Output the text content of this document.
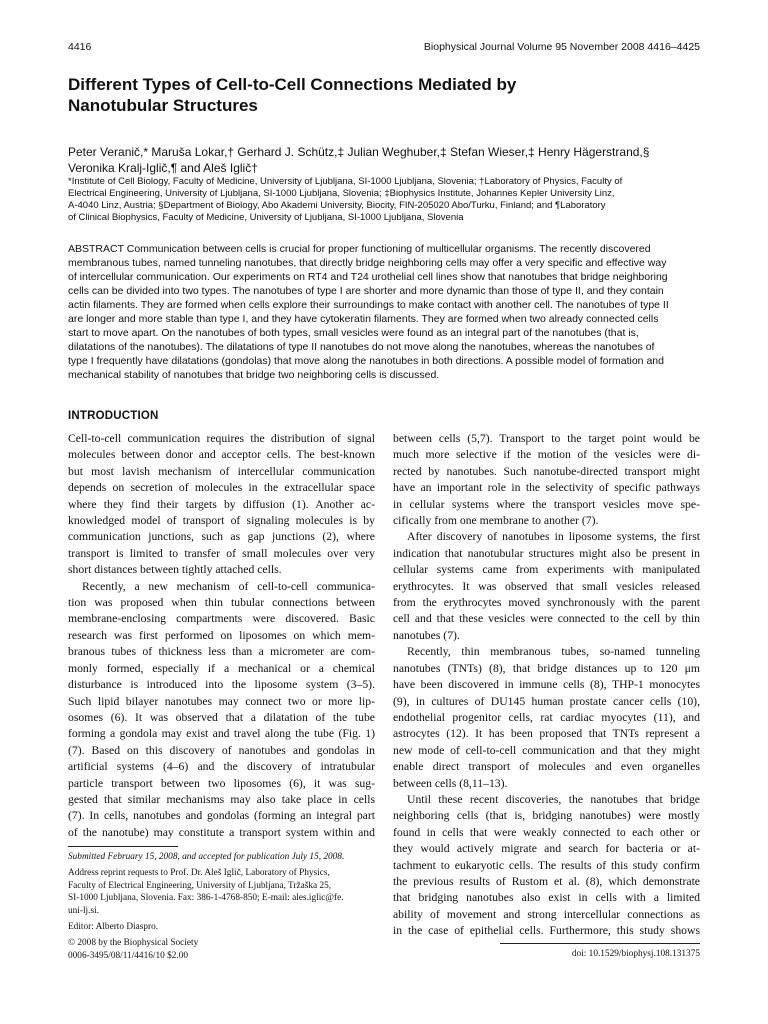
4416	Biophysical Journal Volume 95 November 2008 4416–4425
Different Types of Cell-to-Cell Connections Mediated by
Nanotubular Structures
Peter Veranič,* Maruša Lokar,† Gerhard J. Schütz,‡ Julian Weghuber,‡ Stefan Wieser,‡ Henry Hägerstrand,§
Veronika Kralj-Iglič,¶ and Aleš Iglič†
*Institute of Cell Biology, Faculty of Medicine, University of Ljubljana, SI-1000 Ljubljana, Slovenia; †Laboratory of Physics, Faculty of
Electrical Engineering, University of Ljubljana, SI-1000 Ljubljana, Slovenia; ‡Biophysics Institute, Johannes Kepler University Linz,
A-4040 Linz, Austria; §Department of Biology, Abo Akademi University, Biocity, FIN-205020 Abo/Turku, Finland; and ¶Laboratory
of Clinical Biophysics, Faculty of Medicine, University of Ljubljana, SI-1000 Ljubljana, Slovenia
ABSTRACT Communication between cells is crucial for proper functioning of multicellular organisms. The recently discovered
membranous tubes, named tunneling nanotubes, that directly bridge neighboring cells may offer a very specific and effective way
of intercellular communication. Our experiments on RT4 and T24 urothelial cell lines show that nanotubes that bridge neighboring
cells can be divided into two types. The nanotubes of type I are shorter and more dynamic than those of type II, and they contain
actin filaments. They are formed when cells explore their surroundings to make contact with another cell. The nanotubes of type II
are longer and more stable than type I, and they have cytokeratin filaments. They are formed when two already connected cells
start to move apart. On the nanotubes of both types, small vesicles were found as an integral part of the nanotubes (that is,
dilatations of the nanotubes). The dilatations of type II nanotubes do not move along the nanotubes, whereas the nanotubes of
type I frequently have dilatations (gondolas) that move along the nanotubes in both directions. A possible model of formation and
mechanical stability of nanotubes that bridge two neighboring cells is discussed.
INTRODUCTION
Cell-to-cell communication requires the distribution of signal
molecules between donor and acceptor cells. The best-known
but most lavish mechanism of intercellular communication
depends on secretion of molecules in the extracellular space
where they find their targets by diffusion (1). Another ac-
knowledged model of transport of signaling molecules is by
communication junctions, such as gap junctions (2), where
transport is limited to transfer of small molecules over very
short distances between tightly attached cells.
Recently, a new mechanism of cell-to-cell communica-
tion was proposed when thin tubular connections between
membrane-enclosing compartments were discovered. Basic
research was first performed on liposomes on which mem-
branous tubes of thickness less than a micrometer are com-
monly formed, especially if a mechanical or a chemical
disturbance is introduced into the liposome system (3–5).
Such lipid bilayer nanotubes may connect two or more lip-
osomes (6). It was observed that a dilatation of the tube
forming a gondola may exist and travel along the tube (Fig. 1)
(7). Based on this discovery of nanotubes and gondolas in
artificial systems (4–6) and the discovery of intratubular
particle transport between two liposomes (6), it was sug-
gested that similar mechanisms may also take place in cells
(7). In cells, nanotubes and gondolas (forming an integral part
of the nanotube) may constitute a transport system within and
between cells (5,7). Transport to the target point would be
much more selective if the motion of the vesicles were di-
rected by nanotubes. Such nanotube-directed transport might
have an important role in the selectivity of specific pathways
in cellular systems where the transport vesicles move spe-
cifically from one membrane to another (7).
After discovery of nanotubes in liposome systems, the first
indication that nanotubular structures might also be present in
cellular systems came from experiments with manipulated
erythrocytes. It was observed that small vesicles released
from the erythrocytes moved synchronously with the parent
cell and that these vesicles were connected to the cell by thin
nanotubes (7).
Recently, thin membranous tubes, so-named tunneling
nanotubes (TNTs) (8), that bridge distances up to 120 μm
have been discovered in immune cells (8), THP-1 monocytes
(9), in cultures of DU145 human prostate cancer cells (10),
endothelial progenitor cells, rat cardiac myocytes (11), and
astrocytes (12). It has been proposed that TNTs represent a
new mode of cell-to-cell communication and that they might
enable direct transport of molecules and even organelles
between cells (8,11–13).
Until these recent discoveries, the nanotubes that bridge
neighboring cells (that is, bridging nanotubes) were mostly
found in cells that were weakly connected to each other or
they would actively migrate and search for bacteria or at-
tachment to eukaryotic cells. The results of this study confirm
the previous results of Rustom et al. (8), which demonstrate
that bridging nanotubes also exist in cells with a limited
ability of movement and strong intercellular connections as
in the case of epithelial cells. Furthermore, this study shows
Submitted February 15, 2008, and accepted for publication July 15, 2008.
Address reprint requests to Prof. Dr. Aleš Iglič, Laboratory of Physics,
Faculty of Electrical Engineering, University of Ljubljana, Tržaška 25,
SI-1000 Ljubljana, Slovenia. Fax: 386-1-4768-850; E-mail: ales.iglic@fe.
uni-lj.si.
Editor: Alberto Diaspro.
© 2008 by the Biophysical Society
0006-3495/08/11/4416/10 $2.00	doi: 10.1529/biophysj.108.131375
